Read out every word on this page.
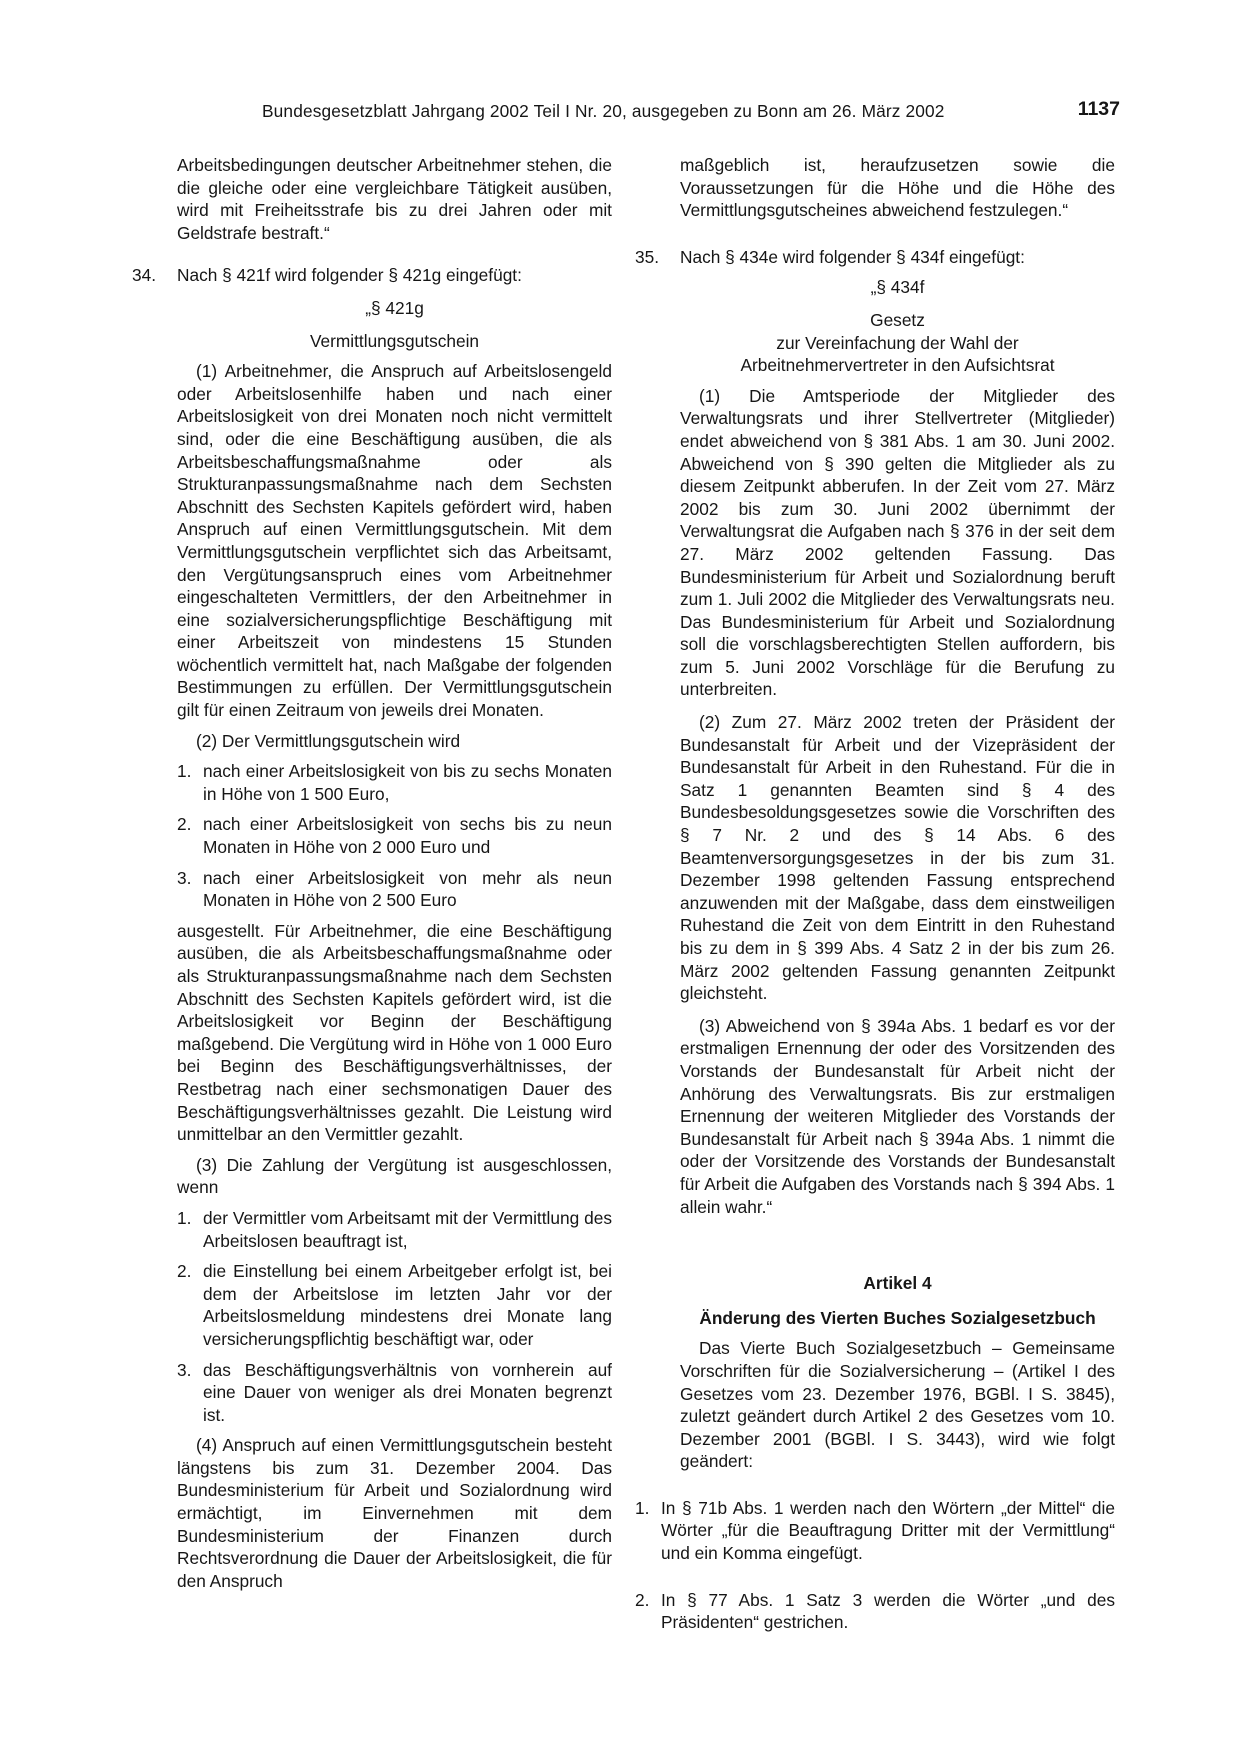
Bundesgesetzblatt Jahrgang 2002 Teil I Nr. 20, ausgegeben zu Bonn am 26. März 2002	1137

Arbeitsbedingungen deutscher Arbeitnehmer stehen, die die gleiche oder eine vergleichbare Tätigkeit ausüben, wird mit Freiheitsstrafe bis zu drei Jahren oder mit Geldstrafe bestraft.“

34.	Nach § 421f wird folgender § 421g eingefügt:

„§ 421g

Vermittlungsgutschein

(1) Arbeitnehmer, die Anspruch auf Arbeitslosengeld oder Arbeitslosenhilfe haben und nach einer Arbeitslosigkeit von drei Monaten noch nicht vermittelt sind, oder die eine Beschäftigung ausüben, die als Arbeitsbeschaffungsmaßnahme oder als Strukturanpassungsmaßnahme nach dem Sechsten Abschnitt des Sechsten Kapitels gefördert wird, haben Anspruch auf einen Vermittlungsgutschein. Mit dem Vermittlungsgutschein verpflichtet sich das Arbeitsamt, den Vergütungsanspruch eines vom Arbeitnehmer eingeschalteten Vermittlers, der den Arbeitnehmer in eine sozialversicherungspflichtige Beschäftigung mit einer Arbeitszeit von mindestens 15 Stunden wöchentlich vermittelt hat, nach Maßgabe der folgenden Bestimmungen zu erfüllen. Der Vermittlungsgutschein gilt für einen Zeitraum von jeweils drei Monaten.

(2) Der Vermittlungsgutschein wird

1. nach einer Arbeitslosigkeit von bis zu sechs Monaten in Höhe von 1 500 Euro,
2. nach einer Arbeitslosigkeit von sechs bis zu neun Monaten in Höhe von 2 000 Euro und
3. nach einer Arbeitslosigkeit von mehr als neun Monaten in Höhe von 2 500 Euro

ausgestellt. Für Arbeitnehmer, die eine Beschäftigung ausüben, die als Arbeitsbeschaffungsmaßnahme oder als Strukturanpassungsmaßnahme nach dem Sechsten Abschnitt des Sechsten Kapitels gefördert wird, ist die Arbeitslosigkeit vor Beginn der Beschäftigung maßgebend. Die Vergütung wird in Höhe von 1 000 Euro bei Beginn des Beschäftigungsverhältnisses, der Restbetrag nach einer sechsmonatigen Dauer des Beschäftigungsverhältnisses gezahlt. Die Leistung wird unmittelbar an den Vermittler gezahlt.

(3) Die Zahlung der Vergütung ist ausgeschlossen, wenn

1. der Vermittler vom Arbeitsamt mit der Vermittlung des Arbeitslosen beauftragt ist,
2. die Einstellung bei einem Arbeitgeber erfolgt ist, bei dem der Arbeitslose im letzten Jahr vor der Arbeitslosmeldung mindestens drei Monate lang versicherungspflichtig beschäftigt war, oder
3. das Beschäftigungsverhältnis von vornherein auf eine Dauer von weniger als drei Monaten begrenzt ist.

(4) Anspruch auf einen Vermittlungsgutschein besteht längstens bis zum 31. Dezember 2004. Das Bundesministerium für Arbeit und Sozialordnung wird ermächtigt, im Einvernehmen mit dem Bundesministerium der Finanzen durch Rechtsverordnung die Dauer der Arbeitslosigkeit, die für den Anspruch

maßgeblich ist, heraufzusetzen sowie die Voraussetzungen für die Höhe und die Höhe des Vermittlungsgutscheines abweichend festzulegen.“

35.	Nach § 434e wird folgender § 434f eingefügt:

„§ 434f

Gesetz

zur Vereinfachung der Wahl der

Arbeitnehmervertreter in den Aufsichtsrat

(1) Die Amtsperiode der Mitglieder des Verwaltungsrats und ihrer Stellvertreter (Mitglieder) endet abweichend von § 381 Abs. 1 am 30. Juni 2002. Abweichend von § 390 gelten die Mitglieder als zu diesem Zeitpunkt abberufen. In der Zeit vom 27. März 2002 bis zum 30. Juni 2002 übernimmt der Verwaltungsrat die Aufgaben nach § 376 in der seit dem 27. März 2002 geltenden Fassung. Das Bundesministerium für Arbeit und Sozialordnung beruft zum 1. Juli 2002 die Mitglieder des Verwaltungsrats neu. Das Bundesministerium für Arbeit und Sozialordnung soll die vorschlagsberechtigten Stellen auffordern, bis zum 5. Juni 2002 Vorschläge für die Berufung zu unterbreiten.

(2) Zum 27. März 2002 treten der Präsident der Bundesanstalt für Arbeit und der Vizepräsident der Bundesanstalt für Arbeit in den Ruhestand. Für die in Satz 1 genannten Beamten sind § 4 des Bundesbesoldungsgesetzes sowie die Vorschriften des § 7 Nr. 2 und des § 14 Abs. 6 des Beamtenversorgungsgesetzes in der bis zum 31. Dezember 1998 geltenden Fassung entsprechend anzuwenden mit der Maßgabe, dass dem einstweiligen Ruhestand die Zeit von dem Eintritt in den Ruhestand bis zu dem in § 399 Abs. 4 Satz 2 in der bis zum 26. März 2002 geltenden Fassung genannten Zeitpunkt gleichsteht.

(3) Abweichend von § 394a Abs. 1 bedarf es vor der erstmaligen Ernennung der oder des Vorsitzenden des Vorstands der Bundesanstalt für Arbeit nicht der Anhörung des Verwaltungsrats. Bis zur erstmaligen Ernennung der weiteren Mitglieder des Vorstands der Bundesanstalt für Arbeit nach § 394a Abs. 1 nimmt die oder der Vorsitzende des Vorstands der Bundesanstalt für Arbeit die Aufgaben des Vorstands nach § 394 Abs. 1 allein wahr.“

Artikel 4

Änderung des Vierten Buches Sozialgesetzbuch

Das Vierte Buch Sozialgesetzbuch – Gemeinsame Vorschriften für die Sozialversicherung – (Artikel I des Gesetzes vom 23. Dezember 1976, BGBl. I S. 3845), zuletzt geändert durch Artikel 2 des Gesetzes vom 10. Dezember 2001 (BGBl. I S. 3443), wird wie folgt geändert:

1. In § 71b Abs. 1 werden nach den Wörtern „der Mittel“ die Wörter „für die Beauftragung Dritter mit der Vermittlung“ und ein Komma eingefügt.
2. In § 77 Abs. 1 Satz 3 werden die Wörter „und des Präsidenten“ gestrichen.
